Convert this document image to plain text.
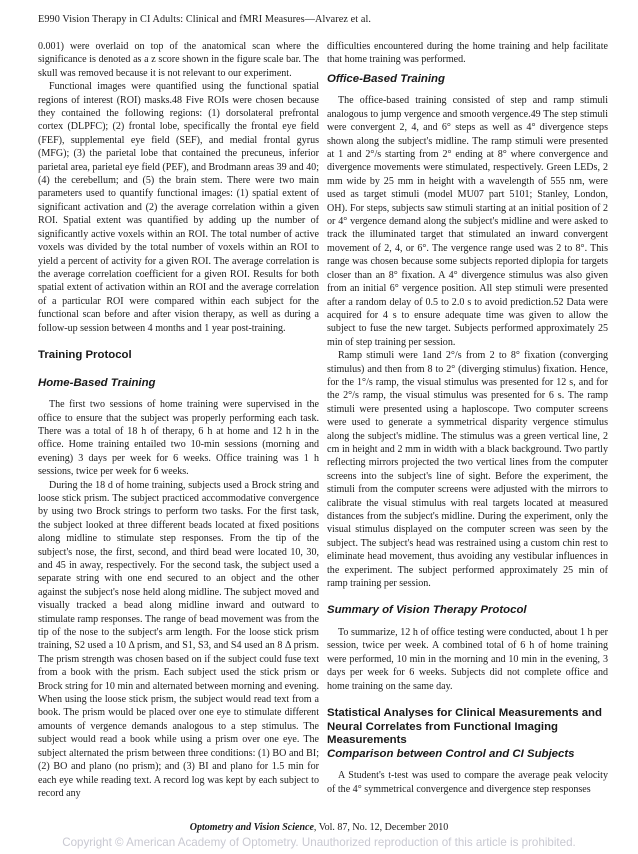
E990 Vision Therapy in CI Adults: Clinical and fMRI Measures—Alvarez et al.

0.001) were overlaid on top of the anatomical scan where the significance is denoted as a z score shown in the figure scale bar. The skull was removed because it is not relevant to our experiment.

Functional images were quantified using the functional spatial regions of interest (ROI) masks.48 Five ROIs were chosen because they contained the following regions: (1) dorsolateral prefrontal cortex (DLPFC); (2) frontal lobe, specifically the frontal eye field (FEF), supplemental eye field (SEF), and medial frontal gyrus (MFG); (3) the parietal lobe that contained the precuneus, inferior parietal area, parietal eye field (PEF), and Brodmann areas 39 and 40; (4) the cerebellum; and (5) the brain stem. There were two main parameters used to quantify functional images: (1) spatial extent of significant activation and (2) the average correlation within a given ROI. Spatial extent was quantified by adding up the number of significantly active voxels within an ROI. The total number of active voxels was divided by the total number of voxels within an ROI to yield a percent of activity for a given ROI. The average correlation is the average correlation coefficient for a given ROI. Results for both spatial extent of activation within an ROI and the average correlation of a particular ROI were compared within each subject for the functional scan before and after vision therapy, as well as during a follow-up session between 4 months and 1 year post-training.

Training Protocol
Home-Based Training

The first two sessions of home training were supervised in the office to ensure that the subject was properly performing each task. There was a total of 18 h of therapy, 6 h at home and 12 h in the office. Home training entailed two 10-min sessions (morning and evening) 3 days per week for 6 weeks. Office training was 1 h sessions, twice per week for 6 weeks.

During the 18 d of home training, subjects used a Brock string and loose stick prism. The subject practiced accommodative convergence by using two Brock strings to perform two tasks. For the first task, the subject looked at three different beads located at fixed positions along midline to stimulate step responses. From the tip of the subject's nose, the first, second, and third bead were located 10, 30, and 45 in away, respectively. For the second task, the subject used a separate string with one end secured to an object and the other against the subject's nose held along midline. The subject moved and visually tracked a bead along midline inward and outward to stimulate ramp responses. The range of bead movement was from the tip of the nose to the subject's arm length. For the loose stick prism training, S2 used a 10 Δ prism, and S1, S3, and S4 used an 8 Δ prism. The prism strength was chosen based on if the subject could fuse text from a book with the prism. Each subject used the stick prism or Brock string for 10 min and alternated between morning and evening. When using the loose stick prism, the subject would read text from a book. The prism would be placed over one eye to stimulate different amounts of vergence demands analogous to a step stimulus. The subject would read a book while using a prism over one eye. The subject alternated the prism between three conditions: (1) BO and BI; (2) BO and plano (no prism); and (3) BI and plano for 1.5 min for each eye while reading text. A record log was kept by each subject to record any

difficulties encountered during the home training and help facilitate that home training was performed.

Office-Based Training

The office-based training consisted of step and ramp stimuli analogous to jump vergence and smooth vergence.49 The step stimuli were convergent 2, 4, and 6° steps as well as 4° divergence steps shown along the subject's midline. The ramp stimuli were presented at 1 and 2°/s starting from 2° ending at 8° where convergence and divergence movements were stimulated, respectively. Green LEDs, 2 mm wide by 25 mm in height with a wavelength of 555 nm, were used as target stimuli (model MU07 part 5101; Stanley, London, OH). For steps, subjects saw stimuli starting at an initial position of 2 or 4° vergence demand along the subject's midline and were asked to track the illuminated target that stimulated an inward convergent movement of 2, 4, or 6°. The vergence range used was 2 to 8°. This range was chosen because some subjects reported diplopia for targets closer than an 8° fixation. A 4° divergence stimulus was also given from an initial 6° vergence position. All step stimuli were presented after a random delay of 0.5 to 2.0 s to avoid prediction.52 Data were acquired for 4 s to ensure adequate time was given to allow the subject to fuse the new target. Subjects performed approximately 25 min of step training per session.

Ramp stimuli were 1and 2°/s from 2 to 8° fixation (converging stimulus) and then from 8 to 2° (diverging stimulus) fixation. Hence, for the 1°/s ramp, the visual stimulus was presented for 12 s, and for the 2°/s ramp, the visual stimulus was presented for 6 s. The ramp stimuli were presented using a haploscope. Two computer screens were used to generate a symmetrical disparity vergence stimulus along the subject's midline. The stimulus was a green vertical line, 2 cm in height and 2 mm in width with a black background. Two partly reflecting mirrors projected the two vertical lines from the computer screens into the subject's line of sight. Before the experiment, the stimuli from the computer screens were adjusted with the mirrors to calibrate the visual stimulus with real targets located at measured distances from the subject's midline. During the experiment, only the visual stimulus displayed on the computer screen was seen by the subject. The subject's head was restrained using a custom chin rest to eliminate head movement, thus avoiding any vestibular influences in the experiment. The subject performed approximately 25 min of ramp training per session.

Summary of Vision Therapy Protocol

To summarize, 12 h of office testing were conducted, about 1 h per session, twice per week. A combined total of 6 h of home training were performed, 10 min in the morning and 10 min in the evening, 3 days per week for 6 weeks. Subjects did not complete office and home training on the same day.

Statistical Analyses for Clinical Measurements and Neural Correlates from Functional Imaging Measurements
Comparison between Control and CI Subjects

A Student's t-test was used to compare the average peak velocity of the 4° symmetrical convergence and divergence step responses

Optometry and Vision Science, Vol. 87, No. 12, December 2010
Copyright © American Academy of Optometry. Unauthorized reproduction of this article is prohibited.
